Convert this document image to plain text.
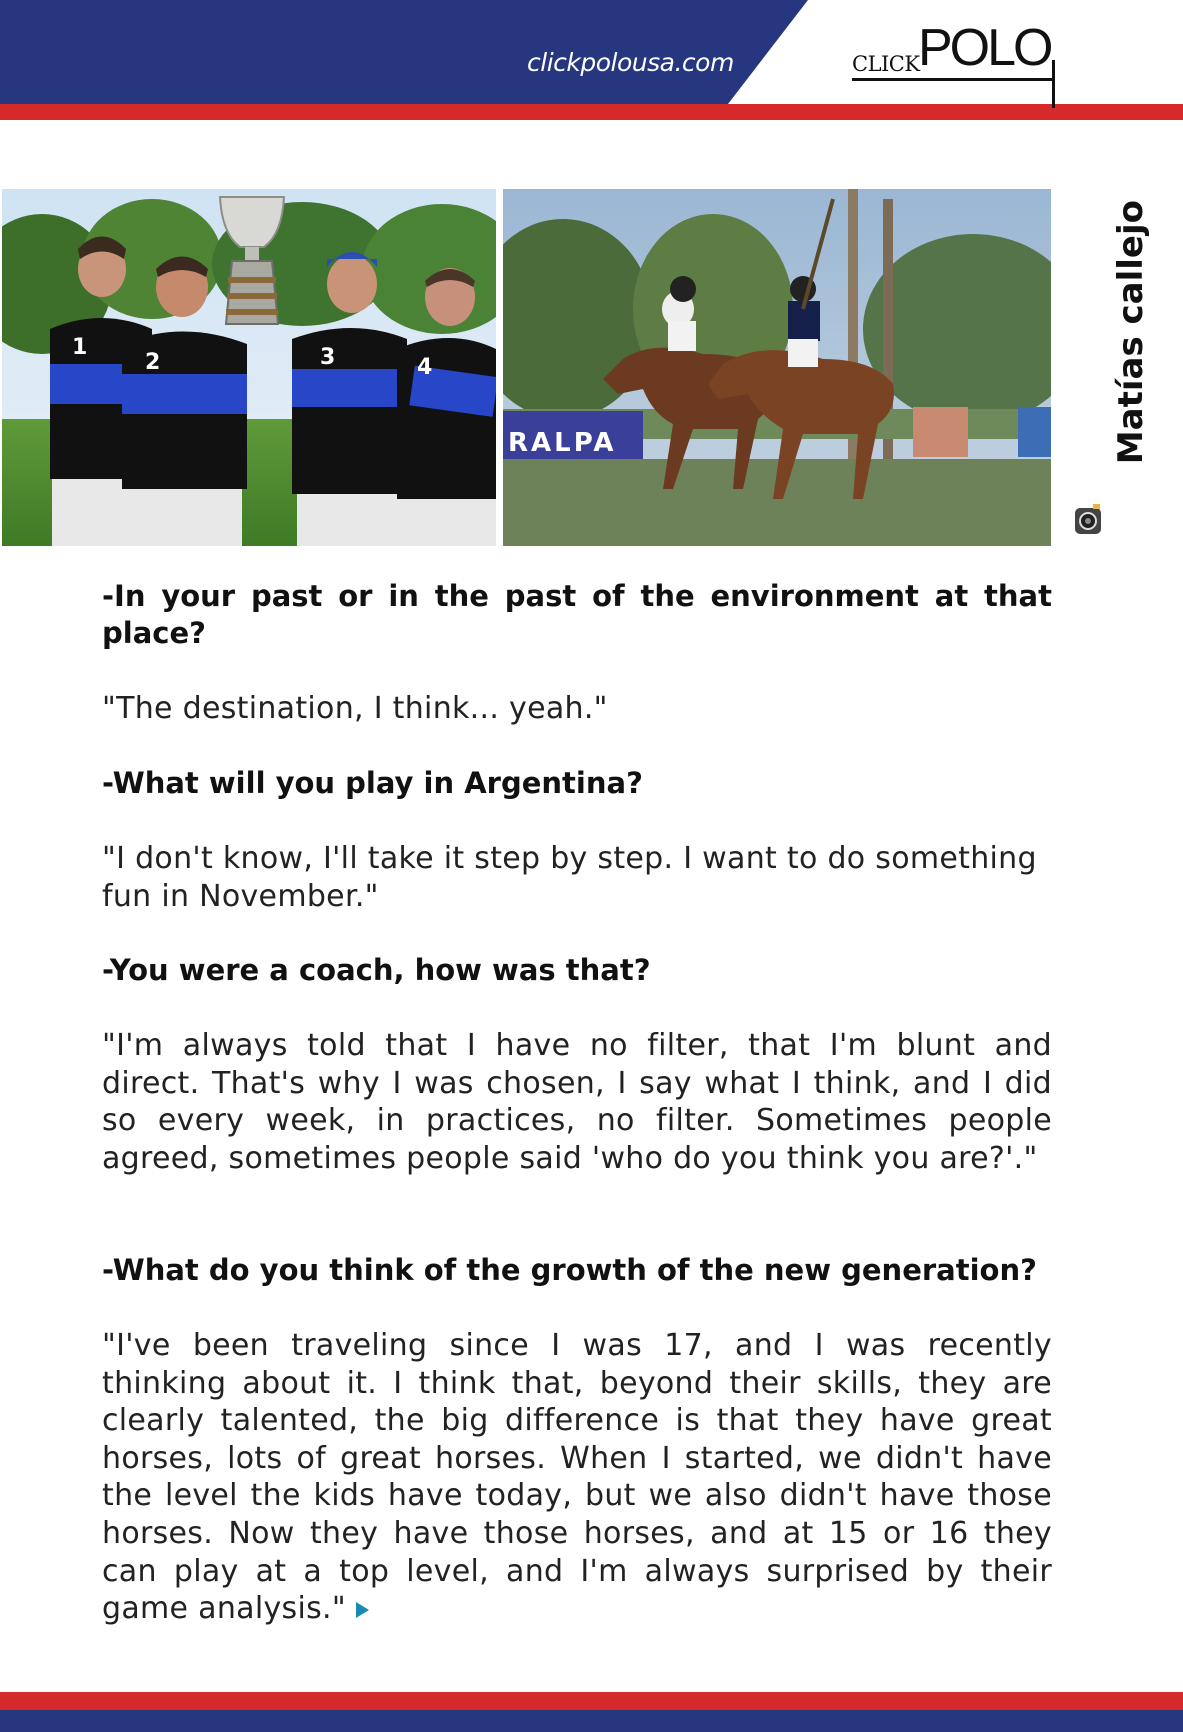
clickpolousa.com	CLICK
POLO
1
2	3	4
RALPA	Matías callejo

-In your past or in the past of the environment at that place?

"The destination, I think... yeah."

-What will you play in Argentina?

"I don't know, I'll take it step by step. I want to do something fun in November."

-You were a coach, how was that?

"I'm always told that I have no filter, that I'm blunt and direct. That's why I was chosen, I say what I think, and I did so every week, in practices, no filter. Sometimes people agreed, sometimes people said 'who do you think you are?'."

-What do you think of the growth of the new generation?

"I've been traveling since I was 17, and I was recently thinking about it. I think that, beyond their skills, they are clearly talented, the big difference is that they have great horses, lots of great horses. When I started, we didn't have the level the kids have today, but we also didn't have those horses. Now they have those horses, and at 15 or 16 they can play at a top level, and I'm always surprised by their game analysis."
